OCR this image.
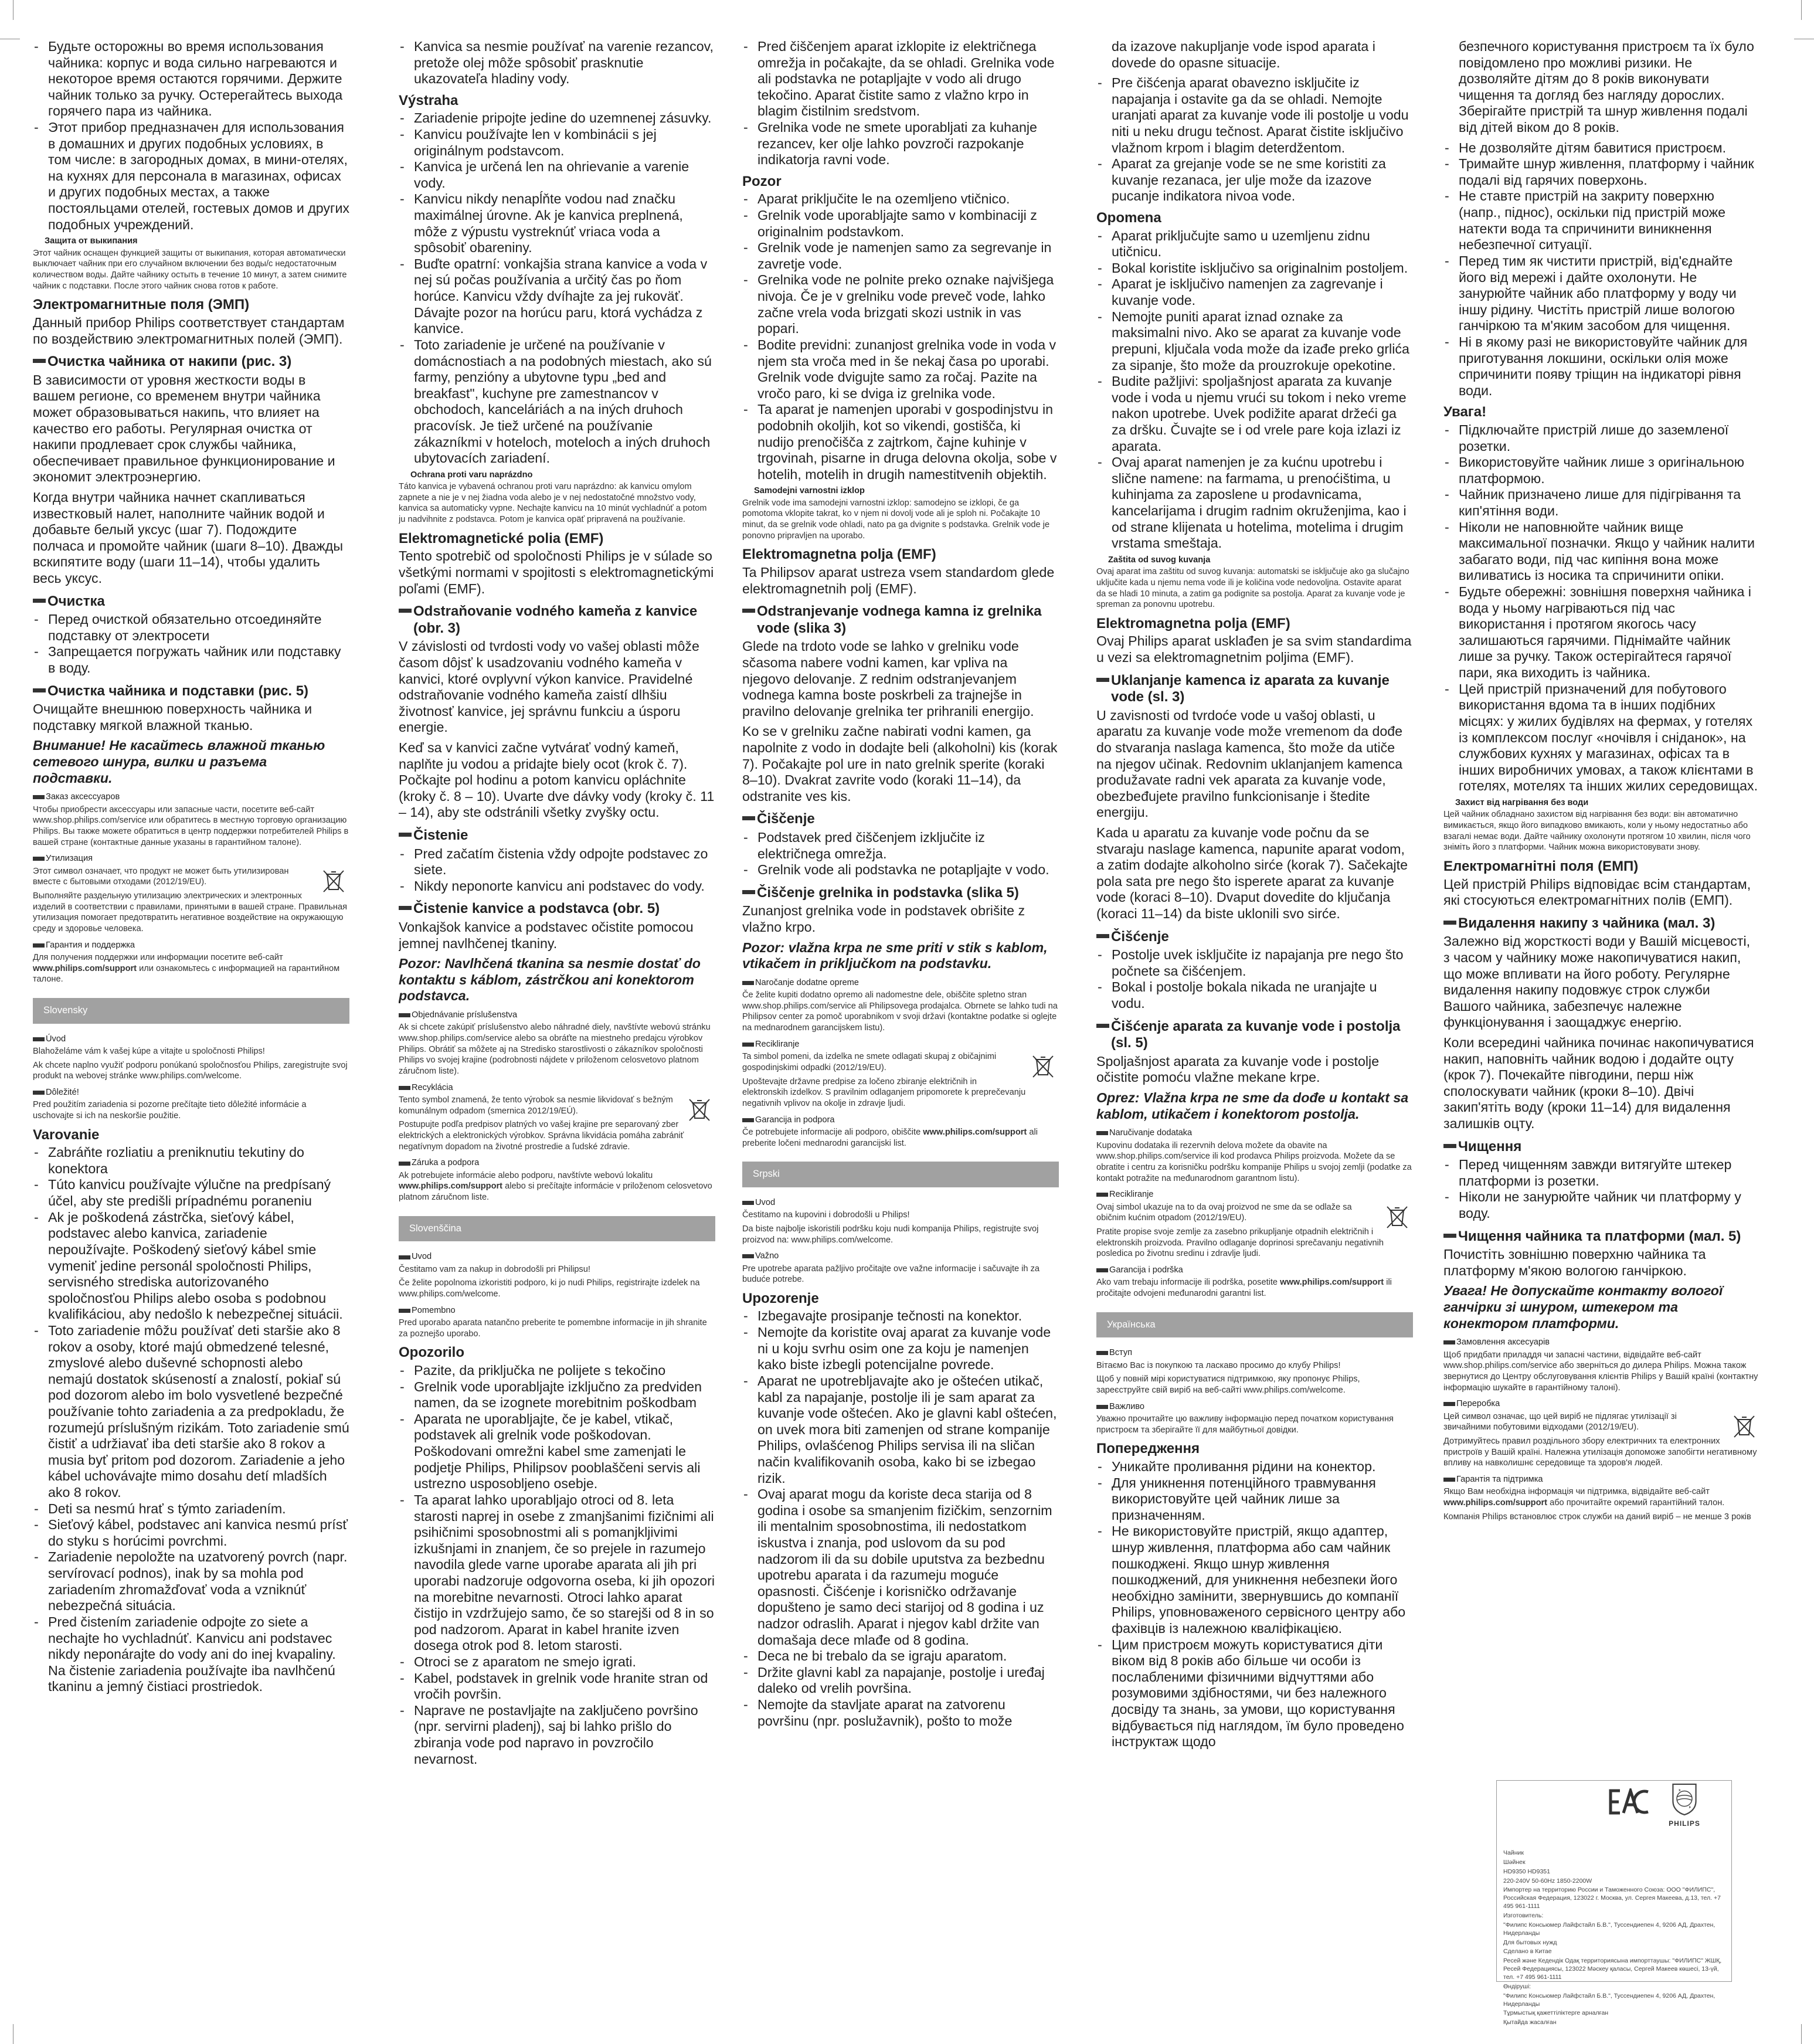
- Будьте осторожны во время использования чайника: корпус и вода сильно нагреваются и некоторое время остаются горячими. Держите чайник только за ручку. Остерегайтесь выхода горячего пара из чайника.
- Этот прибор предназначен для использования в домашних и других подобных условиях, в том числе: в загородных домах, в мини-отелях, на кухнях для персонала в магазинах, офисах и других подобных местах, а также постояльцами отелей, гостевых домов и других подобных учреждений.
Защита от выкипания
Этот чайник оснащен функцией защиты от выкипания, которая автоматически выключает чайник при его случайном включении без воды/с недостаточным количеством воды. Дайте чайнику остыть в течение 10 минут, а затем снимите чайник с подставки. После этого чайник снова готов к работе.
Электромагнитные поля (ЭМП)
Данный прибор Philips соответствует стандартам по воздействию электромагнитных полей (ЭМП).
Очистка чайника от накипи (рис. 3)
В зависимости от уровня жесткости воды в вашем регионе, со временем внутри чайника может образовываться накипь, что влияет на качество его работы. Регулярная очистка от накипи продлевает срок службы чайника, обеспечивает правильное функционирование и экономит электроэнергию.
Когда внутри чайника начнет скапливаться известковый налет, наполните чайник водой и добавьте белый уксус (шаг 7). Подождите полчаса и промойте чайник (шаги 8–10). Дважды вскипятите воду (шаги 11–14), чтобы удалить весь уксус.
Очистка
- Перед очисткой обязательно отсоединяйте подставку от электросети
- Запрещается погружать чайник или подставку в воду.
Очистка чайника и подставки (рис. 5)
Очищайте внешнюю поверхность чайника и подставку мягкой влажной тканью.
Внимание! Не касайтесь влажной тканью сетевого шнура, вилки и разъема подставки.
Заказ аксессуаров
Чтобы приобрести аксессуары или запасные части, посетите веб-сайт www.shop.philips.com/service или обратитесь в местную торговую организацию Philips. Вы также можете обратиться в центр поддержки потребителей Philips в вашей стране (контактные данные указаны в гарантийном талоне).
Утилизация
Этот символ означает, что продукт не может быть утилизирован вместе с бытовыми отходами (2012/19/EU).
Выполняйте раздельную утилизацию электрических и электронных изделий в соответствии с правилами, принятыми в вашей стране. Правильная утилизация помогает предотвратить негативное воздействие на окружающую среду и здоровье человека.
Гарантия и поддержка
Для получения поддержки или информации посетите веб-сайт www.philips.com/support или ознакомьтесь с информацией на гарантийном талоне.
Slovensky
Úvod
Blahoželáme vám k vašej kúpe a vitajte u spoločnosti Philips!
Ak chcete naplno využiť podporu ponúkanú spoločnosťou Philips, zaregistrujte svoj produkt na webovej stránke www.philips.com/welcome.
Dôležité!
Pred použitím zariadenia si pozorne prečítajte tieto dôležité informácie a uschovajte si ich na neskoršie použitie.
Varovanie
- Zabráňte rozliatiu a preniknutiu tekutiny do konektora
- Túto kanvicu používajte výlučne na predpísaný účel, aby ste predišli prípadnému poraneniu
- Ak je poškodená zástrčka, sieťový kábel, podstavec alebo kanvica, zariadenie nepoužívajte. Poškodený sieťový kábel smie vymeniť jedine personál spoločnosti Philips, servisného strediska autorizovaného spoločnosťou Philips alebo osoba s podobnou kvalifikáciou, aby nedošlo k nebezpečnej situácii.
- Toto zariadenie môžu používať deti staršie ako 8 rokov a osoby, ktoré majú obmedzené telesné, zmyslové alebo duševné schopnosti alebo nemajú dostatok skúseností a znalostí, pokiaľ sú pod dozorom alebo im bolo vysvetlené bezpečné používanie tohto zariadenia a za predpokladu, že rozumejú príslušným rizikám. Toto zariadenie smú čistiť a udržiavať iba deti staršie ako 8 rokov a musia byť pritom pod dozorom. Zariadenie a jeho kábel uchovávajte mimo dosahu detí mladších ako 8 rokov.
- Deti sa nesmú hrať s týmto zariadením.
- Sieťový kábel, podstavec ani kanvica nesmú prísť do styku s horúcimi povrchmi.
- Zariadenie nepoložte na uzatvorený povrch (napr. servírovací podnos), inak by sa mohla pod zariadením zhromažďovať voda a vzniknúť nebezpečná situácia.
- Pred čistením zariadenie odpojte zo siete a nechajte ho vychladnúť. Kanvicu ani podstavec nikdy neponárajte do vody ani do inej kvapaliny. Na čistenie zariadenia používajte iba navlhčenú tkaninu a jemný čistiaci prostriedok.
- Kanvica sa nesmie používať na varenie rezancov, pretože olej môže spôsobiť prasknutie ukazovateľa hladiny vody.
Výstraha
- Zariadenie pripojte jedine do uzemnenej zásuvky.
- Kanvicu používajte len v kombinácii s jej originálnym podstavcom.
- Kanvica je určená len na ohrievanie a varenie vody.
- Kanvicu nikdy nenapĺňte vodou nad značku maximálnej úrovne. Ak je kanvica preplnená, môže z výpustu vystreknúť vriaca voda a spôsobiť obareniny.
- Buďte opatrní: vonkajšia strana kanvice a voda v nej sú počas používania a určitý čas po ňom horúce. Kanvicu vždy dvíhajte za jej rukoväť. Dávajte pozor na horúcu paru, ktorá vychádza z kanvice.
- Toto zariadenie je určené na používanie v domácnostiach a na podobných miestach, ako sú farmy, penzióny a ubytovne typu „bed and breakfast", kuchyne pre zamestnancov v obchodoch, kanceláriách a na iných druhoch pracovísk. Je tiež určené na používanie zákazníkmi v hoteloch, moteloch a iných druhoch ubytovacích zariadení.
Ochrana proti varu naprázdno
Táto kanvica je vybavená ochranou proti varu naprázdno: ak kanvicu omylom zapnete a nie je v nej žiadna voda alebo je v nej nedostatočné množstvo vody, kanvica sa automaticky vypne. Nechajte kanvicu na 10 minút vychladnúť a potom ju nadvihnite z podstavca. Potom je kanvica opäť pripravená na používanie.
Elektromagnetické polia (EMF)
Tento spotrebič od spoločnosti Philips je v súlade so všetkými normami v spojitosti s elektromagnetickými poľami (EMF).
Odstraňovanie vodného kameňa z kanvice (obr. 3)
V závislosti od tvrdosti vody vo vašej oblasti môže časom dôjsť k usadzovaniu vodného kameňa v kanvici, ktoré ovplyvní výkon kanvice. Pravidelné odstraňovanie vodného kameňa zaistí dlhšiu životnosť kanvice, jej správnu funkciu a úsporu energie.
Keď sa v kanvici začne vytvárať vodný kameň, naplňte ju vodou a pridajte biely ocot (krok č. 7). Počkajte pol hodinu a potom kanvicu opláchnite (kroky č. 8 – 10). Uvarte dve dávky vody (kroky č. 11 – 14), aby ste odstránili všetky zvyšky octu.
Čistenie
- Pred začatím čistenia vždy odpojte podstavec zo siete.
- Nikdy neponorte kanvicu ani podstavec do vody.
Čistenie kanvice a podstavca (obr. 5)
Vonkajšok kanvice a podstavec očistite pomocou jemnej navlhčenej tkaniny.
Pozor: Navlhčená tkanina sa nesmie dostať do kontaktu s káblom, zástrčkou ani konektorom podstavca.
Objednávanie príslušenstva
Ak si chcete zakúpiť príslušenstvo alebo náhradné diely, navštívte webovú stránku www.shop.philips.com/service alebo sa obráťte na miestneho predajcu výrobkov Philips. Obrátiť sa môžete aj na Stredisko starostlivosti o zákazníkov spoločnosti Philips vo svojej krajine (podrobnosti nájdete v priloženom celosvetovo platnom záručnom liste).
Recyklácia
Tento symbol znamená, že tento výrobok sa nesmie likvidovať s bežným komunálnym odpadom (smernica 2012/19/EÚ).
Postupujte podľa predpisov platných vo vašej krajine pre separovaný zber elektrických a elektronických výrobkov. Správna likvidácia pomáha zabrániť negatívnym dopadom na životné prostredie a ľudské zdravie.
Záruka a podpora
Ak potrebujete informácie alebo podporu, navštívte webovú lokalitu www.philips.com/support alebo si prečítajte informácie v priloženom celosvetovo platnom záručnom liste.
Slovenščina
Uvod
Čestitamo vam za nakup in dobrodošli pri Philipsu!
Če želite popolnoma izkoristiti podporo, ki jo nudi Philips, registrirajte izdelek na www.philips.com/welcome.
Pomembno
Pred uporabo aparata natančno preberite te pomembne informacije in jih shranite za poznejšo uporabo.
Opozorilo
- Pazite, da priključka ne polijete s tekočino
- Grelnik vode uporabljajte izključno za predviden namen, da se izognete morebitnim poškodbam
- Aparata ne uporabljajte, če je kabel, vtikač, podstavek ali grelnik vode poškodovan. Poškodovani omrežni kabel sme zamenjati le podjetje Philips, Philipsov pooblaščeni servis ali ustrezno usposobljeno osebje.
- Ta aparat lahko uporabljajo otroci od 8. leta starosti naprej in osebe z zmanjšanimi fizičnimi ali psihičnimi sposobnostmi ali s pomanjkljivimi izkušnjami in znanjem, če so prejele in razumejo navodila glede varne uporabe aparata ali jih pri uporabi nadzoruje odgovorna oseba, ki jih opozori na morebitne nevarnosti. Otroci lahko aparat čistijo in vzdržujejo samo, če so starejši od 8 in so pod nadzorom. Aparat in kabel hranite izven dosega otrok pod 8. letom starosti.
- Otroci se z aparatom ne smejo igrati.
- Kabel, podstavek in grelnik vode hranite stran od vročih površin.
- Naprave ne postavljajte na zaključeno površino (npr. servirni pladenj), saj bi lahko prišlo do zbiranja vode pod napravo in povzročilo nevarnost.
- Pred čiščenjem aparat izklopite iz električnega omrežja in počakajte, da se ohladi. Grelnika vode ali podstavka ne potapljajte v vodo ali drugo tekočino. Aparat čistite samo z vlažno krpo in blagim čistilnim sredstvom.
- Grelnika vode ne smete uporabljati za kuhanje rezancev, ker olje lahko povzroči razpokanje indikatorja ravni vode.
Pozor
- Aparat priključite le na ozemljeno vtičnico.
- Grelnik vode uporabljajte samo v kombinaciji z originalnim podstavkom.
- Grelnik vode je namenjen samo za segrevanje in zavretje vode.
- Grelnika vode ne polnite preko oznake najvišjega nivoja. Če je v grelniku vode preveč vode, lahko začne vrela voda brizgati skozi ustnik in vas popari.
- Bodite previdni: zunanjost grelnika vode in voda v njem sta vroča med in še nekaj časa po uporabi. Grelnik vode dvigujte samo za ročaj. Pazite na vročo paro, ki se dviga iz grelnika vode.
- Ta aparat je namenjen uporabi v gospodinjstvu in podobnih okoljih, kot so vikendi, gostišča, ki nudijo prenočišča z zajtrkom, čajne kuhinje v trgovinah, pisarne in druga delovna okolja, sobe v hotelih, motelih in drugih namestitvenih objektih.
Samodejni varnostni izklop
Grelnik vode ima samodejni varnostni izklop: samodejno se izklopi, če ga pomotoma vklopite takrat, ko v njem ni dovolj vode ali je sploh ni. Počakajte 10 minut, da se grelnik vode ohladi, nato pa ga dvignite s podstavka. Grelnik vode je ponovno pripravljen na uporabo.
Elektromagnetna polja (EMF)
Ta Philipsov aparat ustreza vsem standardom glede elektromagnetnih polj (EMF).
Odstranjevanje vodnega kamna iz grelnika vode (slika 3)
Glede na trdoto vode se lahko v grelniku vode sčasoma nabere vodni kamen, kar vpliva na njegovo delovanje. Z rednim odstranjevanjem vodnega kamna boste poskrbeli za trajnejše in pravilno delovanje grelnika ter prihranili energijo.
Ko se v grelniku začne nabirati vodni kamen, ga napolnite z vodo in dodajte beli (alkoholni) kis (korak 7). Počakajte pol ure in nato grelnik sperite (koraki 8–10). Dvakrat zavrite vodo (koraki 11–14), da odstranite ves kis.
Čiščenje
- Podstavek pred čiščenjem izključite iz električnega omrežja.
- Grelnik vode ali podstavka ne potapljajte v vodo.
Čiščenje grelnika in podstavka (slika 5)
Zunanjost grelnika vode in podstavek obrišite z vlažno krpo.
Pozor: vlažna krpa ne sme priti v stik s kablom, vtikačem in priključkom na podstavku.
Naročanje dodatne opreme
Če želite kupiti dodatno opremo ali nadomestne dele, obiščite spletno stran www.shop.philips.com/service ali Philipsovega prodajalca. Obrnete se lahko tudi na Philipsov center za pomoč uporabnikom v svoji državi (kontaktne podatke si oglejte na mednarodnem garancijskem listu).
Recikliranje
Ta simbol pomeni, da izdelka ne smete odlagati skupaj z običajnimi gospodinjskimi odpadki (2012/19/EU).
Upoštevajte državne predpise za ločeno zbiranje električnih in elektronskih izdelkov. S pravilnim odlaganjem pripomorete k preprečevanju negativnih vplivov na okolje in zdravje ljudi.
Garancija in podpora
Če potrebujete informacije ali podporo, obiščite www.philips.com/support ali preberite ločeni mednarodni garancijski list.
Srpski
Uvod
Čestitamo na kupovini i dobrodošli u Philips!
Da biste najbolje iskoristili podršku koju nudi kompanija Philips, registrujte svoj proizvod na: www.philips.com/welcome.
Važno
Pre upotrebe aparata pažljivo pročitajte ove važne informacije i sačuvajte ih za buduće potrebe.
Upozorenje
- Izbegavajte prosipanje tečnosti na konektor.
- Nemojte da koristite ovaj aparat za kuvanje vode ni u koju svrhu osim one za koju je namenjen kako biste izbegli potencijalne povrede.
- Aparat ne upotrebljavajte ako je oštećen utikač, kabl za napajanje, postolje ili je sam aparat za kuvanje vode oštećen. Ako je glavni kabl oštećen, on uvek mora biti zamenjen od strane kompanije Philips, ovlašćenog Philips servisa ili na sličan način kvalifikovanih osoba, kako bi se izbegao rizik.
- Ovaj aparat mogu da koriste deca starija od 8 godina i osobe sa smanjenim fizičkim, senzornim ili mentalnim sposobnostima, ili nedostatkom iskustva i znanja, pod uslovom da su pod nadzorom ili da su dobile uputstva za bezbednu upotrebu aparata i da razumeju moguće opasnosti. Čišćenje i korisničko održavanje dopušteno je samo deci starijoj od 8 godina i uz nadzor odraslih. Aparat i njegov kabl držite van domašaja dece mlađe od 8 godina.
- Deca ne bi trebalo da se igraju aparatom.
- Držite glavni kabl za napajanje, postolje i uređaj daleko od vrelih površina.
- Nemojte da stavljate aparat na zatvorenu površinu (npr. poslužavnik), pošto to može
da izazove nakupljanje vode ispod aparata i dovede do opasne situacije.
- Pre čišćenja aparat obavezno isključite iz napajanja i ostavite ga da se ohladi. Nemojte uranjati aparat za kuvanje vode ili postolje u vodu niti u neku drugu tečnost. Aparat čistite isključivo vlažnom krpom i blagim deterdžentom.
- Aparat za grejanje vode se ne sme koristiti za kuvanje rezanaca, jer ulje može da izazove pucanje indikatora nivoa vode.
Opomena
- Aparat priključujte samo u uzemljenu zidnu utičnicu.
- Bokal koristite isključivo sa originalnim postoljem.
- Aparat je isključivo namenjen za zagrevanje i kuvanje vode.
- Nemojte puniti aparat iznad oznake za maksimalni nivo. Ako se aparat za kuvanje vode prepuni, ključala voda može da izađe preko grlića za sipanje, što može da prouzrokuje opekotine.
- Budite pažljivi: spoljašnjost aparata za kuvanje vode i voda u njemu vrući su tokom i neko vreme nakon upotrebe. Uvek podižite aparat držeći ga za dršku. Čuvajte se i od vrele pare koja izlazi iz aparata.
- Ovaj aparat namenjen je za kućnu upotrebu i slične namene: na farmama, u prenoćištima, u kuhinjama za zaposlene u prodavnicama, kancelarijama i drugim radnim okruženjima, kao i od strane klijenata u hotelima, motelima i drugim vrstama smeštaja.
Zaštita od suvog kuvanja
Ovaj aparat ima zaštitu od suvog kuvanja: automatski se isključuje ako ga slučajno uključite kada u njemu nema vode ili je količina vode nedovoljna. Ostavite aparat da se hladi 10 minuta, a zatim ga podignite sa postolja. Aparat za kuvanje vode je spreman za ponovnu upotrebu.
Elektromagnetna polja (EMF)
Ovaj Philips aparat usklađen je sa svim standardima u vezi sa elektromagnetnim poljima (EMF).
Uklanjanje kamenca iz aparata za kuvanje vode (sl. 3)
U zavisnosti od tvrdoće vode u vašoj oblasti, u aparatu za kuvanje vode može vremenom da dođe do stvaranja naslaga kamenca, što može da utiče na njegov učinak. Redovnim uklanjanjem kamenca produžavate radni vek aparata za kuvanje vode, obezbeđujete pravilno funkcionisanje i štedite energiju.
Kada u aparatu za kuvanje vode počnu da se stvaraju naslage kamenca, napunite aparat vodom, a zatim dodajte alkoholno sirće (korak 7). Sačekajte pola sata pre nego što isperete aparat za kuvanje vode (koraci 8–10). Dvaput dovedite do ključanja (koraci 11–14) da biste uklonili svo sirće.
Čišćenje
- Postolje uvek isključite iz napajanja pre nego što počnete sa čišćenjem.
- Bokal i postolje bokala nikada ne uranjajte u vodu.
Čišćenje aparata za kuvanje vode i postolja (sl. 5)
Spoljašnjost aparata za kuvanje vode i postolje očistite pomoću vlažne mekane krpe.
Oprez: Vlažna krpa ne sme da dođe u kontakt sa kablom, utikačem i konektorom postolja.
Naručivanje dodataka
Kupovinu dodataka ili rezervnih delova možete da obavite na www.shop.philips.com/service ili kod prodavca Philips proizvoda. Možete da se obratite i centru za korisničku podršku kompanije Philips u svojoj zemlji (podatke za kontakt potražite na međunarodnom garantnom listu).
Recikliranje
Ovaj simbol ukazuje na to da ovaj proizvod ne sme da se odlaže sa običnim kućnim otpadom (2012/19/EU).
Pratite propise svoje zemlje za zasebno prikupljanje otpadnih električnih i elektronskih proizvoda. Pravilno odlaganje doprinosi sprečavanju negativnih posledica po životnu sredinu i zdravlje ljudi.
Garancija i podrška
Ako vam trebaju informacije ili podrška, posetite www.philips.com/support ili pročitajte odvojeni međunarodni garantni list.
Українська
Вступ
Вітаємо Вас із покупкою та ласкаво просимо до клубу Philips!
Щоб у повній мірі користуватися підтримкою, яку пропонує Philips, зареєструйте свій виріб на веб-сайті www.philips.com/welcome.
Важливо
Уважно прочитайте цю важливу інформацію перед початком користування пристроєм та зберігайте її для майбутньої довідки.
Попередження
- Уникайте проливання рідини на конектор.
- Для уникнення потенційного травмування використовуйте цей чайник лише за призначенням.
- Не використовуйте пристрій, якщо адаптер, шнур живлення, платформа або сам чайник пошкоджені. Якщо шнур живлення пошкоджений, для уникнення небезпеки його необхідно замінити, звернувшись до компанії Philips, уповноваженого сервісного центру або фахівців із належною кваліфікацією.
- Цим пристроєм можуть користуватися діти віком від 8 років або більше чи особи із послабленими фізичними відчуттями або розумовими здібностями, чи без належного досвіду та знань, за умови, що користування відбувається під наглядом, їм було проведено інструктаж щодо
безпечного користування пристроєм та їх було повідомлено про можливі ризики. Не дозволяйте дітям до 8 років виконувати чищення та догляд без нагляду дорослих. Зберігайте пристрій та шнур живлення подалі від дітей віком до 8 років.
- Не дозволяйте дітям бавитися пристроєм.
- Тримайте шнур живлення, платформу і чайник подалі від гарячих поверхонь.
- Не ставте пристрій на закриту поверхню (напр., піднос), оскільки під пристрій може натекти вода та спричинити виникнення небезпечної ситуації.
- Перед тим як чистити пристрій, від'єднайте його від мережі і дайте охолонути. Не занурюйте чайник або платформу у воду чи іншу рідину. Чистіть пристрій лише вологою ганчіркою та м'яким засобом для чищення.
- Ні в якому разі не використовуйте чайник для приготування локшини, оскільки олія може спричинити появу тріщин на індикаторі рівня води.
Увага!
- Підключайте пристрій лише до заземленої розетки.
- Використовуйте чайник лише з оригінальною платформою.
- Чайник призначено лише для підігрівання та кип'ятіння води.
- Ніколи не наповнюйте чайник вище максимальної позначки. Якщо у чайник налити забагато води, під час кипіння вона може виливатись із носика та спричинити опіки.
- Будьте обережні: зовнішня поверхня чайника і вода у ньому нагріваються під час використання і протягом якогось часу залишаються гарячими. Піднімайте чайник лише за ручку. Також остерігайтеся гарячої пари, яка виходить із чайника.
- Цей пристрій призначений для побутового використання вдома та в інших подібних місцях: у жилих будівлях на фермах, у готелях із комплексом послуг «ночівля і сніданок», на службових кухнях у магазинах, офісах та в інших виробничих умовах, а також клієнтами в готелях, мотелях та інших жилих середовищах.
Захист від нагрівання без води
Цей чайник обладнано захистом від нагрівання без води: він автоматично вимикається, якщо його випадково вмикають, коли у ньому недостатньо або взагалі немає води. Дайте чайнику охолонути протягом 10 хвилин, після чого зніміть його з платформи. Чайник можна використовувати знову.
Електромагнітні поля (ЕМП)
Цей пристрій Philips відповідає всім стандартам, які стосуються електромагнітних полів (ЕМП).
Видалення накипу з чайника (мал. 3)
Залежно від жорсткості води у Вашій місцевості, з часом у чайнику може накопичуватися накип, що може впливати на його роботу. Регулярне видалення накипу подовжує строк служби Вашого чайника, забезпечує належне функціонування і заощаджує енергію.
Коли всередині чайника починає накопичуватися накип, наповніть чайник водою і додайте оцту (крок 7). Почекайте півгодини, перш ніж сполоскувати чайник (кроки 8–10). Двічі закип'ятіть воду (кроки 11–14) для видалення залишків оцту.
Чищення
- Перед чищенням завжди витягуйте штекер платформи із розетки.
- Ніколи не занурюйте чайник чи платформу у воду.
Чищення чайника та платформи (мал. 5)
Почистіть зовнішню поверхню чайника та платформу м'якою вологою ганчіркою.
Увага! Не допускайте контакту вологої ганчірки зі шнуром, штекером та конектором платформи.
Замовлення аксесуарів
Щоб придбати приладдя чи запасні частини, відвідайте веб-сайт www.shop.philips.com/service або зверніться до дилера Philips. Можна також звернутися до Центру обслуговування клієнтів Philips у Вашій країні (контактну інформацію шукайте в гарантійному талоні).
Переробка
Цей символ означає, що цей виріб не підлягає утилізації зі звичайними побутовими відходами (2012/19/EU).
Дотримуйтесь правил роздільного збору електричних та електронних пристроїв у Вашій країні. Належна утилізація допоможе запобігти негативному впливу на навколишнє середовище та здоров'я людей.
Гарантія та підтримка
Якщо Вам необхідна інформація чи підтримка, відвідайте веб-сайт www.philips.com/support або прочитайте окремий гарантійний талон.
Компанія Philips встановлює строк служби на даний виріб – не менше 3 років
PHILIPS
Чайник
Шәйнек
HD9350 HD9351
220-240V 50-60Hz 1850-2200W
Импортер на территорию России и Таможенного Союза: ООО "ФИЛИПС", Российская Федерация, 123022 г. Москва, ул. Сергея Макеева, д.13, тел. +7 495 961-1111
Изготовитель:
"Филипс Консьюмер Лайфстайл Б.В.", Туссендиепен 4, 9206 АД, Драхтен, Нидерланды
Для бытовых нужд
Сделано в Китае
Ресей және Кедендік Одақ территориясына импорттаушы: "ФИЛИПС" ЖШҚ, Ресей Федерациясы, 123022 Мәскеу қаласы, Сергей Макеев көшесі, 13-үй, тел. +7 495 961-1111
Өндіруші:
"Филипс Консьюмер Лайфстайл Б.В.", Туссендиепен 4, 9206 АД, Драхтен, Нидерланды
Тұрмыстық қажеттіліктерге арналған
Қытайда жасалған
